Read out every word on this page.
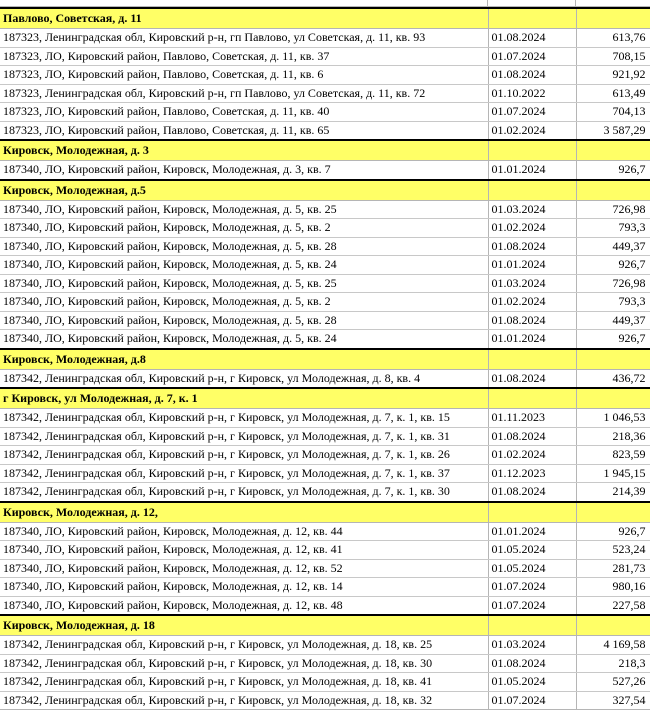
Павлово, Советская, д. 11		
187323, Ленинградская обл, Кировский р-н, гп Павлово, ул Советская, д. 11, кв. 93	01.08.2024	613,76
187323, ЛО, Кировский район, Павлово, Советская, д. 11, кв. 37	01.07.2024	708,15
187323, ЛО, Кировский район, Павлово, Советская, д. 11, кв. 6	01.08.2024	921,92
187323, Ленинградская обл, Кировский р-н, гп Павлово, ул Советская, д. 11, кв. 72	01.10.2022	613,49
187323, ЛО, Кировский район, Павлово, Советская, д. 11, кв. 40	01.07.2024	704,13
187323, ЛО, Кировский район, Павлово, Советская, д. 11, кв. 65	01.02.2024	3 587,29
Кировск, Молодежная, д. 3		
187340, ЛО, Кировский район, Кировск, Молодежная, д. 3, кв. 7	01.01.2024	926,7
Кировск, Молодежная, д.5		
187340, ЛО, Кировский район, Кировск, Молодежная, д. 5, кв. 25	01.03.2024	726,98
187340, ЛО, Кировский район, Кировск, Молодежная, д. 5, кв. 2	01.02.2024	793,3
187340, ЛО, Кировский район, Кировск, Молодежная, д. 5, кв. 28	01.08.2024	449,37
187340, ЛО, Кировский район, Кировск, Молодежная, д. 5, кв. 24	01.01.2024	926,7
187340, ЛО, Кировский район, Кировск, Молодежная, д. 5, кв. 25	01.03.2024	726,98
187340, ЛО, Кировский район, Кировск, Молодежная, д. 5, кв. 2	01.02.2024	793,3
187340, ЛО, Кировский район, Кировск, Молодежная, д. 5, кв. 28	01.08.2024	449,37
187340, ЛО, Кировский район, Кировск, Молодежная, д. 5, кв. 24	01.01.2024	926,7
Кировск, Молодежная, д.8		
187342, Ленинградская обл, Кировский р-н, г Кировск, ул Молодежная, д. 8, кв. 4	01.08.2024	436,72
г Кировск, ул Молодежная, д. 7, к. 1		
187342, Ленинградская обл, Кировский р-н, г Кировск, ул Молодежная, д. 7, к. 1, кв. 15	01.11.2023	1 046,53
187342, Ленинградская обл, Кировский р-н, г Кировск, ул Молодежная, д. 7, к. 1, кв. 31	01.08.2024	218,36
187342, Ленинградская обл, Кировский р-н, г Кировск, ул Молодежная, д. 7, к. 1, кв. 26	01.02.2024	823,59
187342, Ленинградская обл, Кировский р-н, г Кировск, ул Молодежная, д. 7, к. 1, кв. 37	01.12.2023	1 945,15
187342, Ленинградская обл, Кировский р-н, г Кировск, ул Молодежная, д. 7, к. 1, кв. 30	01.08.2024	214,39
Кировск, Молодежная, д. 12,		
187340, ЛО, Кировский район, Кировск, Молодежная, д. 12, кв. 44	01.01.2024	926,7
187340, ЛО, Кировский район, Кировск, Молодежная, д. 12, кв. 41	01.05.2024	523,24
187340, ЛО, Кировский район, Кировск, Молодежная, д. 12, кв. 52	01.05.2024	281,73
187340, ЛО, Кировский район, Кировск, Молодежная, д. 12, кв. 14	01.07.2024	980,16
187340, ЛО, Кировский район, Кировск, Молодежная, д. 12, кв. 48	01.07.2024	227,58
Кировск, Молодежная, д. 18		
187342, Ленинградская обл, Кировский р-н, г Кировск, ул Молодежная, д. 18, кв. 25	01.03.2024	4 169,58
187342, Ленинградская обл, Кировский р-н, г Кировск, ул Молодежная, д. 18, кв. 30	01.08.2024	218,3
187342, Ленинградская обл, Кировский р-н, г Кировск, ул Молодежная, д. 18, кв. 41	01.05.2024	527,26
187342, Ленинградская обл, Кировский р-н, г Кировск, ул Молодежная, д. 18, кв. 32	01.07.2024	327,54
